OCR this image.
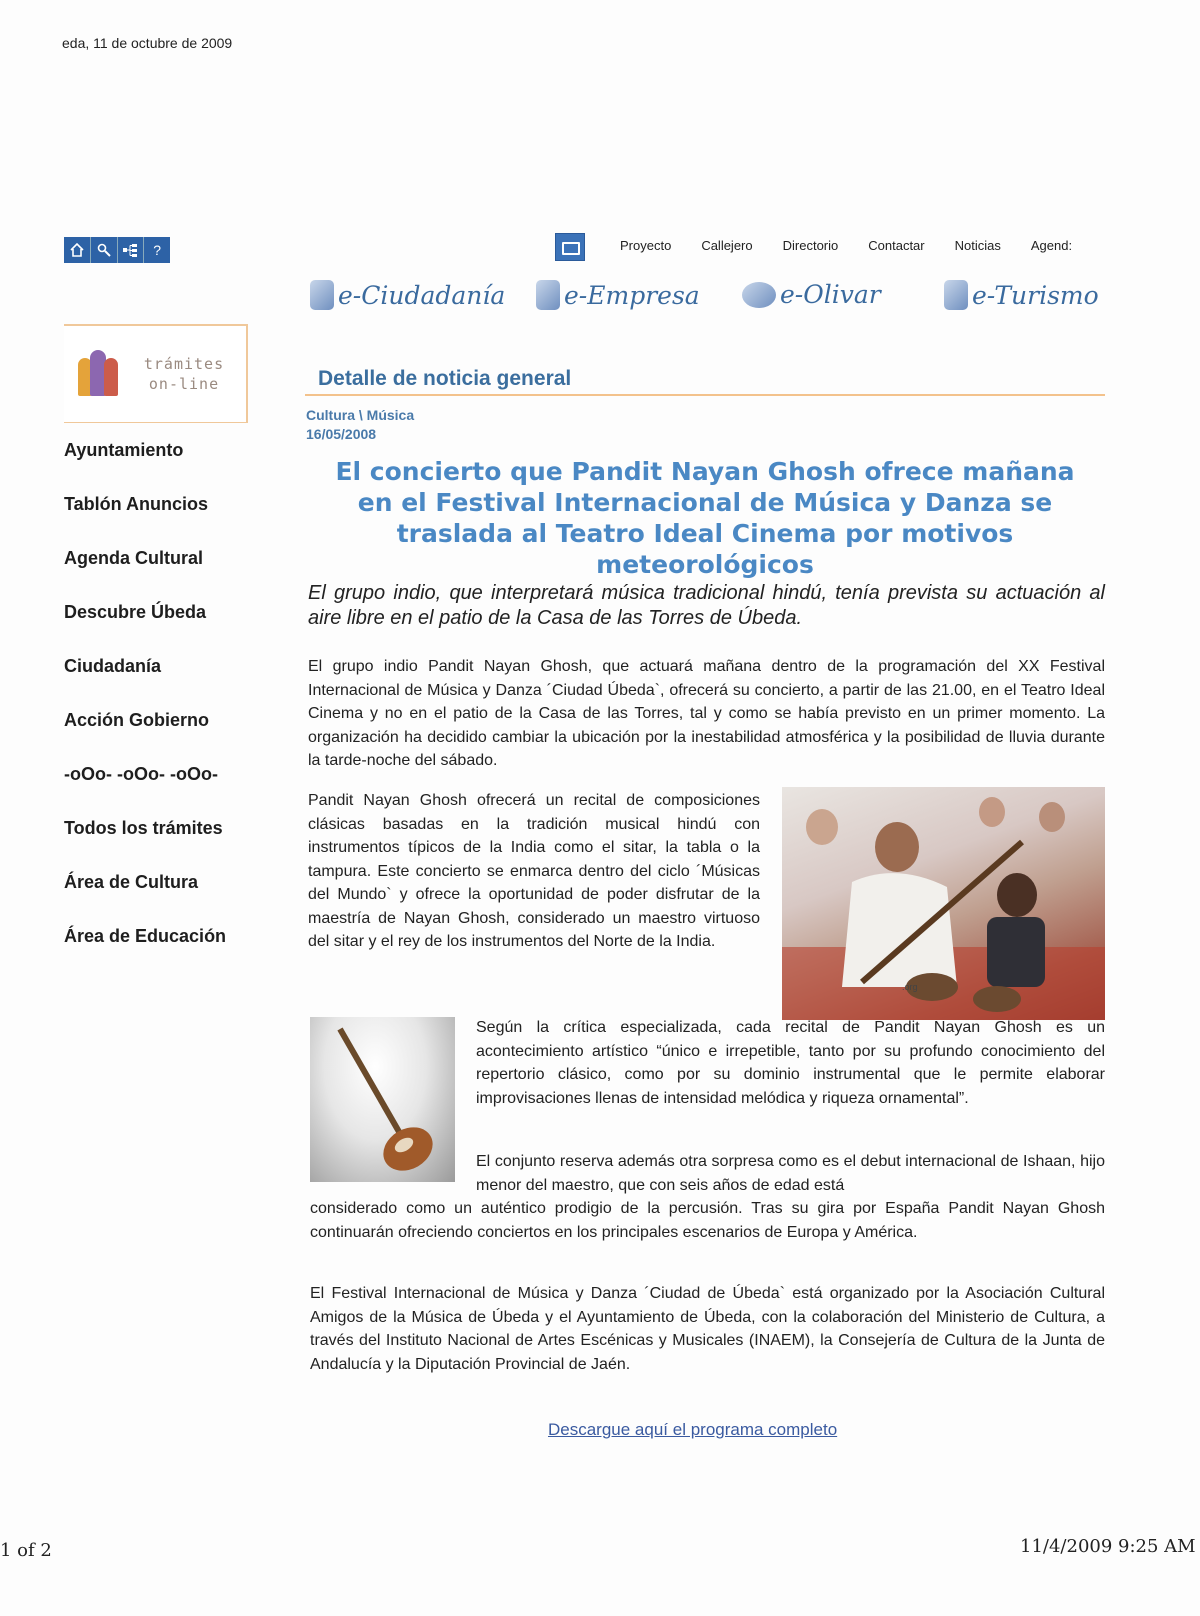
eda, 11 de octubre de 2009
?	Proyecto Callejero Directorio Contactar Noticias Agend:
e-Ciudadanía e-Empresa	e-Olivar	e-Turismo
trámites
on-line
Ayuntamiento
Tablón Anuncios
Agenda Cultural
Descubre Úbeda
Ciudadanía
Acción Gobierno
-oOo- -oOo- -oOo-
Todos los trámites
Área de Cultura
Área de Educación
Detalle de noticia general
Cultura \ Música
16/05/2008
El concierto que Pandit Nayan Ghosh ofrece mañana
en el Festival Internacional de Música y Danza se
traslada al Teatro Ideal Cinema por motivos
meteorológicos
El grupo indio, que interpretará música tradicional hindú, tenía prevista su actuación al aire libre en el patio de la Casa de las Torres de Úbeda.
El grupo indio Pandit Nayan Ghosh, que actuará mañana dentro de la programación del XX Festival Internacional de Música y Danza ´Ciudad Úbeda`, ofrecerá su concierto, a partir de las 21.00, en el Teatro Ideal Cinema y no en el patio de la Casa de las Torres, tal y como se había previsto en un primer momento. La organización ha decidido cambiar la ubicación por la inestabilidad atmosférica y la posibilidad de lluvia durante la tarde-noche del sábado.
Pandit Nayan Ghosh ofrecerá un recital de composiciones clásicas basadas en la tradición musical hindú con instrumentos típicos de la India como el sitar, la tabla o la tampura. Este concierto se enmarca dentro del ciclo ´Músicas del Mundo` y ofrece la oportunidad de poder disfrutar de la maestría de Nayan Ghosh, considerado un maestro virtuoso del sitar y el rey de los instrumentos del Norte de la India.
.org
Según la crítica especializada, cada recital de Pandit Nayan Ghosh es un acontecimiento artístico “único e irrepetible, tanto por su profundo conocimiento del repertorio clásico, como por su dominio instrumental que le permite elaborar improvisaciones llenas de intensidad melódica y riqueza ornamental”.
El conjunto reserva además otra sorpresa como es el debut internacional de Ishaan, hijo menor del maestro, que con seis años de edad está
considerado como un auténtico prodigio de la percusión. Tras su gira por España Pandit Nayan Ghosh continuarán ofreciendo conciertos en los principales escenarios de Europa y América.
El Festival Internacional de Música y Danza ´Ciudad de Úbeda` está organizado por la Asociación Cultural Amigos de la Música de Úbeda y el Ayuntamiento de Úbeda, con la colaboración del Ministerio de Cultura, a través del Instituto Nacional de Artes Escénicas y Musicales (INAEM), la Consejería de Cultura de la Junta de Andalucía y la Diputación Provincial de Jaén.
Descargue aquí el programa completo
1 of 2	11/4/2009 9:25 AM
